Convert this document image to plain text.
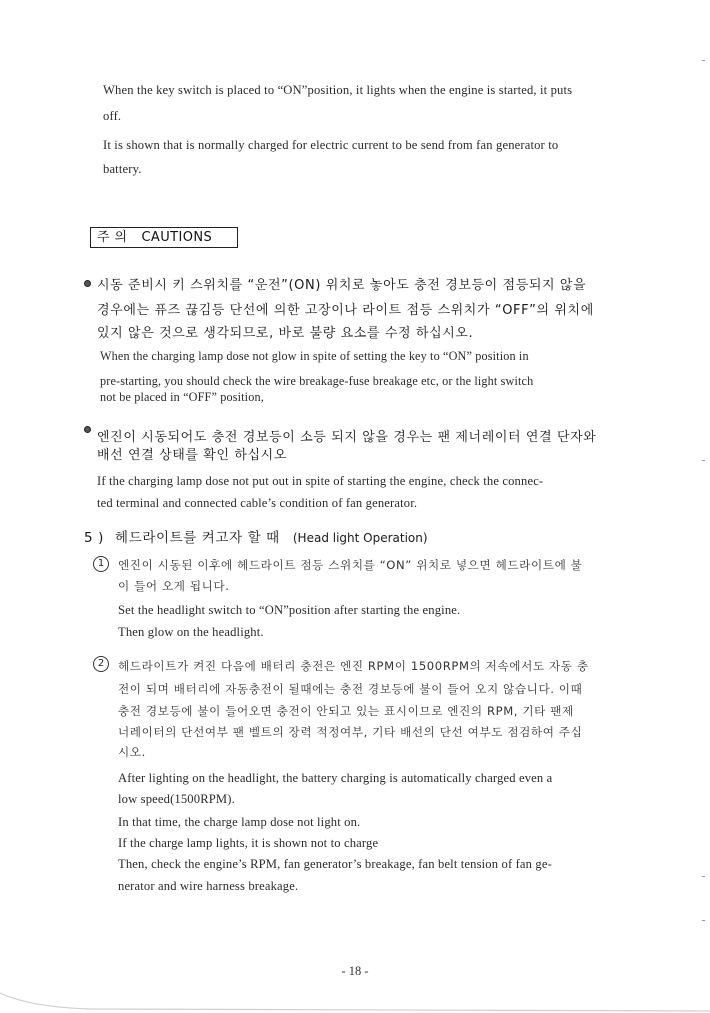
When the key switch is placed to “ON”position, it lights when the engine is started, it puts
off.
It is shown that is normally charged for electric current to be send from fan generator to
battery.
주 의 CAUTIONS
시동 준비시 키 스위치를 “운전”(ON) 위치로 놓아도 충전 경보등이 점등되지 않을
경우에는 퓨즈 끊김등 단선에 의한 고장이나 라이트 점등 스위치가 “OFF”의 위치에
있지 않은 것으로 생각되므로, 바로 불량 요소를 수정 하십시오.
When the charging lamp dose not glow in spite of setting the key to “ON” position in
pre-starting, you should check the wire breakage-fuse breakage etc, or the light switch
not be placed in “OFF” position,
엔진이 시동되어도 충전 경보등이 소등 되지 않을 경우는 팬 제너레이터 연결 단자와
배선 연결 상태를 확인 하십시오
If the charging lamp dose not put out in spite of starting the engine, check the connec-
ted terminal and connected cable’s condition of fan generator.
5 ) 헤드라이트를 켜고자 할 때 (Head light Operation)
1	엔진이 시동된 이후에 헤드라이트 점등 스위치를 “ON” 위치로 넣으면 헤드라이트에 불
이 들어 오게 됩니다.
Set the headlight switch to “ON”position after starting the engine.
Then glow on the headlight.
2	헤드라이트가 켜진 다음에 배터리 충전은 엔진 RPM이 1500RPM의 저속에서도 자동 충
전이 되며 배터리에 자동충전이 될때에는 충전 경보등에 불이 들어 오지 않습니다. 이때
충전 경보등에 불이 들어오면 충전이 안되고 있는 표시이므로 엔진의 RPM, 기타 팬제
너레이터의 단선여부 팬 벨트의 장력 적정여부, 기타 배선의 단선 여부도 점검하여 주십
시오.
After lighting on the headlight, the battery charging is automatically charged even a
low speed(1500RPM).
In that time, the charge lamp dose not light on.
If the charge lamp lights, it is shown not to charge
Then, check the engine’s RPM, fan generator’s breakage, fan belt tension of fan ge-
nerator and wire harness breakage.
- 18 -
